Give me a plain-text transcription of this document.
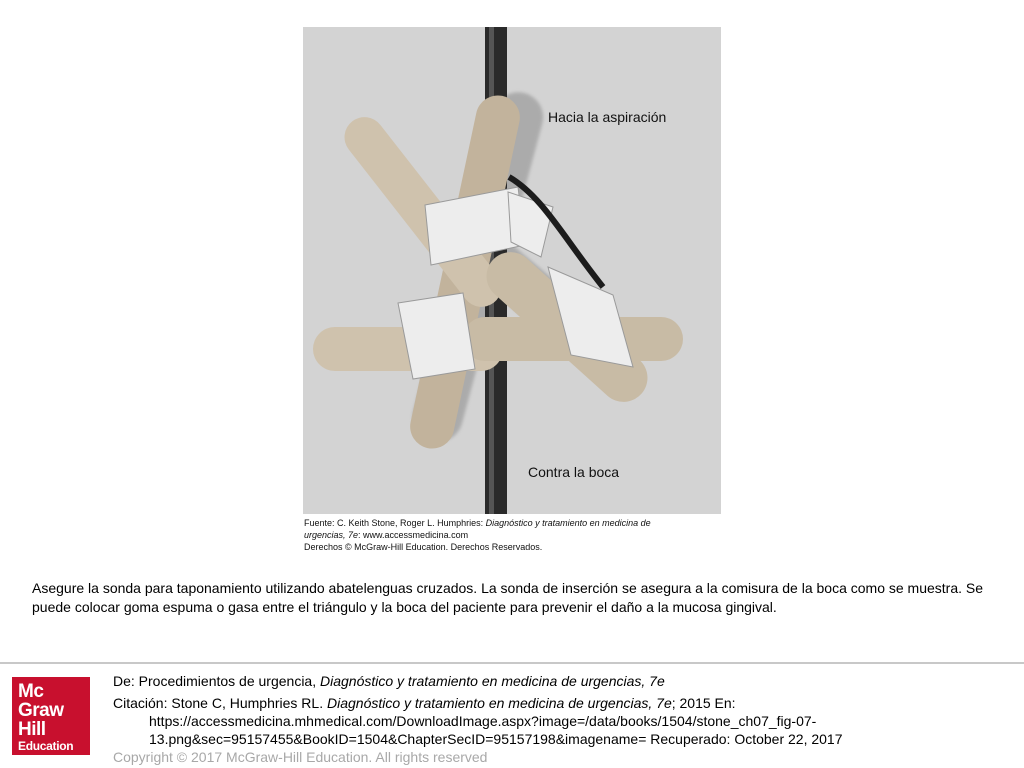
Hacia la aspiración
Contra la boca
Fuente: C. Keith Stone, Roger L. Humphries: Diagnóstico y tratamiento en medicina de
urgencias, 7e: www.accessmedicina.com
Derechos © McGraw-Hill Education. Derechos Reservados.
Asegure la sonda para taponamiento utilizando abatelenguas cruzados. La sonda de inserción se asegura a la comisura de la boca como se muestra. Se puede colocar goma espuma o gasa entre el triángulo y la boca del paciente para prevenir el daño a la mucosa gingival.
Mc
Graw
Hill
Education
De: Procedimientos de urgencia, Diagnóstico y tratamiento en medicina de urgencias, 7e
Citación: Stone C, Humphries RL. Diagnóstico y tratamiento en medicina de urgencias, 7e; 2015 En:
https://accessmedicina.mhmedical.com/DownloadImage.aspx?image=/data/books/1504/stone_ch07_fig-07-
13.png&sec=95157455&BookID=1504&ChapterSecID=95157198&imagename= Recuperado: October 22, 2017
Copyright © 2017 McGraw-Hill Education. All rights reserved
